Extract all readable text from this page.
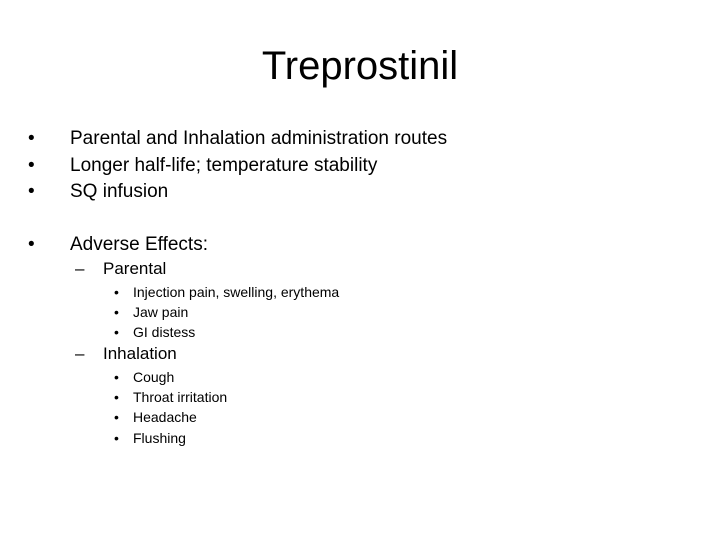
Treprostinil
• Parental and Inhalation administration routes
• Longer half-life; temperature stability
• SQ infusion
• Adverse Effects:
– Parental
• Injection pain, swelling, erythema
• Jaw pain
• GI distess
– Inhalation
• Cough
• Throat irritation
• Headache
• Flushing
